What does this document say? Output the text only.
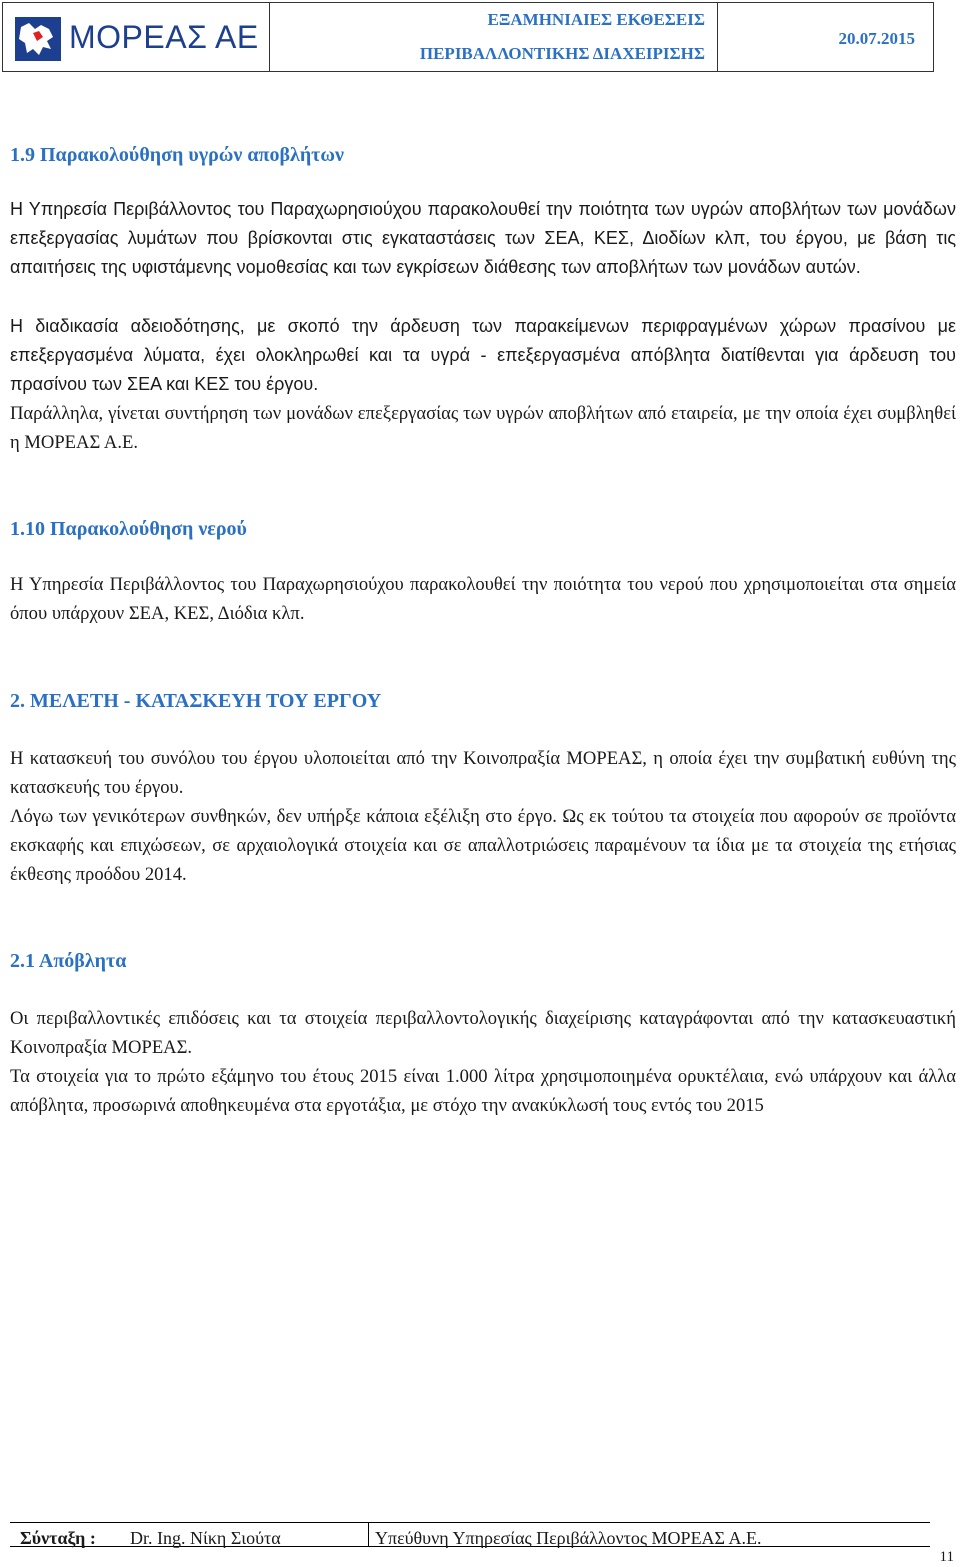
ΜΟΡΕΑΣ ΑΕ	ΕΞΑΜΗΝΙΑΙΕΣ ΕΚΘΕΣΕΙΣ
ΠΕΡΙΒΑΛΛΟΝΤΙΚΗΣ ΔΙΑΧΕΙΡΙΣΗΣ
20.07.2015
1.9 Παρακολούθηση υγρών αποβλήτων
Η Υπηρεσία Περιβάλλοντος του Παραχωρησιούχου παρακολουθεί την ποιότητα των υγρών αποβλήτων των μονάδων επεξεργασίας λυμάτων που βρίσκονται στις εγκαταστάσεις των ΣΕΑ, ΚΕΣ, Διοδίων κλπ, του έργου, με βάση τις απαιτήσεις της υφιστάμενης νομοθεσίας και των εγκρίσεων διάθεσης των αποβλήτων των μονάδων αυτών.
Η διαδικασία αδειοδότησης, με σκοπό την άρδευση των παρακείμενων περιφραγμένων χώρων πρασίνου με επεξεργασμένα λύματα, έχει ολοκληρωθεί και τα υγρά - επεξεργασμένα απόβλητα διατίθενται για άρδευση του πρασίνου των ΣΕΑ και ΚΕΣ του έργου.
Παράλληλα, γίνεται συντήρηση των μονάδων επεξεργασίας των υγρών αποβλήτων από εταιρεία, με την οποία έχει συμβληθεί η ΜΟΡΕΑΣ Α.Ε.
1.10 Παρακολούθηση νερού
Η Υπηρεσία Περιβάλλοντος του Παραχωρησιούχου παρακολουθεί την ποιότητα του νερού που χρησιμοποιείται στα σημεία όπου υπάρχουν ΣΕΑ, ΚΕΣ, Διόδια κλπ.
2. ΜΕΛΕΤΗ - ΚΑΤΑΣΚΕΥΗ ΤΟΥ ΕΡΓΟΥ
Η κατασκευή του συνόλου του έργου υλοποιείται από την Κοινοπραξία ΜΟΡΕΑΣ, η οποία έχει την συμβατική ευθύνη της κατασκευής του έργου.
Λόγω των γενικότερων συνθηκών, δεν υπήρξε κάποια εξέλιξη στο έργο. Ως εκ τούτου τα στοιχεία που αφορούν σε προϊόντα εκσκαφής και επιχώσεων, σε αρχαιολογικά στοιχεία και σε απαλλοτριώσεις παραμένουν τα ίδια με τα στοιχεία της ετήσιας έκθεσης προόδου 2014.
2.1 Απόβλητα
Οι περιβαλλοντικές επιδόσεις και τα στοιχεία περιβαλλοντολογικής διαχείρισης καταγράφονται από την κατασκευαστική Κοινοπραξία ΜΟΡΕΑΣ.
Τα στοιχεία για το πρώτο εξάμηνο του έτους 2015 είναι 1.000 λίτρα χρησιμοποιημένα ορυκτέλαια, ενώ υπάρχουν και άλλα απόβλητα, προσωρινά αποθηκευμένα στα εργοτάξια, με στόχο την ανακύκλωσή τους εντός του 2015
Σύνταξη : Dr. Ing. Νίκη Σιούτα	Υπεύθυνη Υπηρεσίας Περιβάλλοντος ΜΟΡΕΑΣ Α.Ε.
11
